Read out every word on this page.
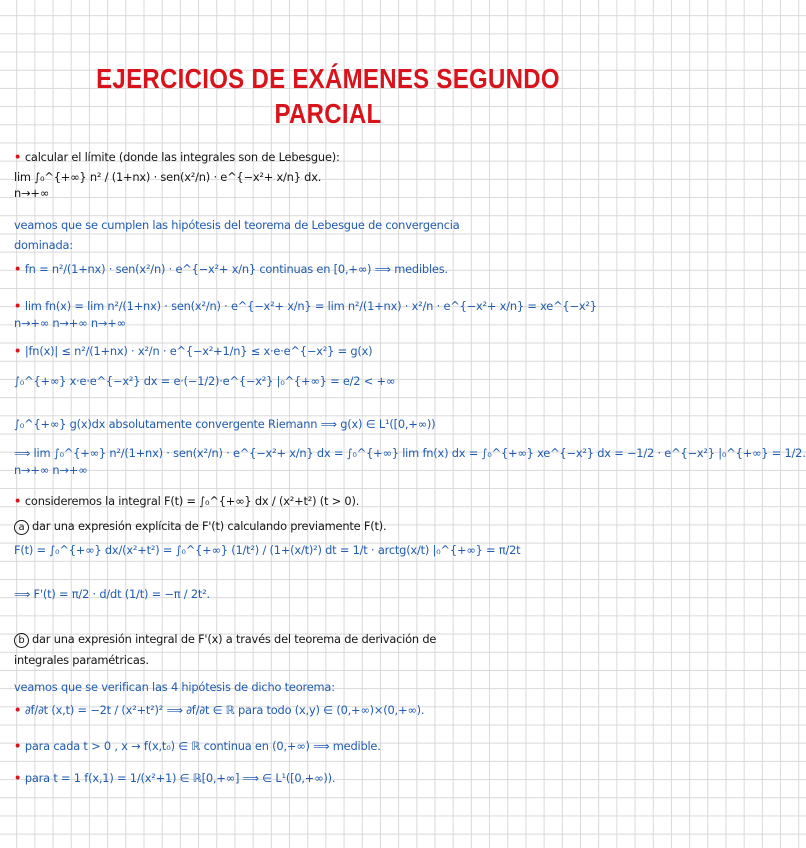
EJERCICIOS DE EXÁMENES SEGUNDO
PARCIAL
• calcular el límite (donde las integrales son de Lebesgue):
lim ∫₀^{+∞} n² / (1+nx) · sen(x²/n) · e^{−x²+ x/n} dx.
n→+∞
veamos que se cumplen las hipótesis del teorema de Lebesgue de convergencia
dominada:
• fn = n²/(1+nx) · sen(x²/n) · e^{−x²+ x/n} continuas en [0,+∞) ⟹ medibles.
• lim fn(x) = lim n²/(1+nx) · sen(x²/n) · e^{−x²+ x/n} = lim n²/(1+nx) · x²/n · e^{−x²+ x/n} = xe^{−x²}
n→+∞ n→+∞ n→+∞
• |fn(x)| ≤ n²/(1+nx) · x²/n · e^{−x²+1/n} ≤ x·e·e^{−x²} = g(x)
∫₀^{+∞} x·e·e^{−x²} dx = e·(−1/2)·e^{−x²} |₀^{+∞} = e/2 < +∞
∫₀^{+∞} g(x)dx absolutamente convergente Riemann ⟹ g(x) ∈ L¹([0,+∞))
⟹ lim ∫₀^{+∞} n²/(1+nx) · sen(x²/n) · e^{−x²+ x/n} dx = ∫₀^{+∞} lim fn(x) dx = ∫₀^{+∞} xe^{−x²} dx = −1/2 · e^{−x²} |₀^{+∞} = 1/2.
n→+∞ n→+∞
• consideremos la integral F(t) = ∫₀^{+∞} dx / (x²+t²) (t > 0).
a dar una expresión explícita de F'(t) calculando previamente F(t).
F(t) = ∫₀^{+∞} dx/(x²+t²) = ∫₀^{+∞} (1/t²) / (1+(x/t)²) dt = 1/t · arctg(x/t) |₀^{+∞} = π/2t
⟹ F'(t) = π/2 · d/dt (1/t) = −π / 2t².
b dar una expresión integral de F'(x) a través del teorema de derivación de
integrales paramétricas.
veamos que se verifican las 4 hipótesis de dicho teorema:
• ∂f/∂t (x,t) = −2t / (x²+t²)² ⟹ ∂f/∂t ∈ ℝ para todo (x,y) ∈ (0,+∞)×(0,+∞).
• para cada t > 0 , x → f(x,t₀) ∈ ℝ continua en (0,+∞) ⟹ medible.
• para t = 1 f(x,1) = 1/(x²+1) ∈ ℝ[0,+∞] ⟹ ∈ L¹([0,+∞)).
